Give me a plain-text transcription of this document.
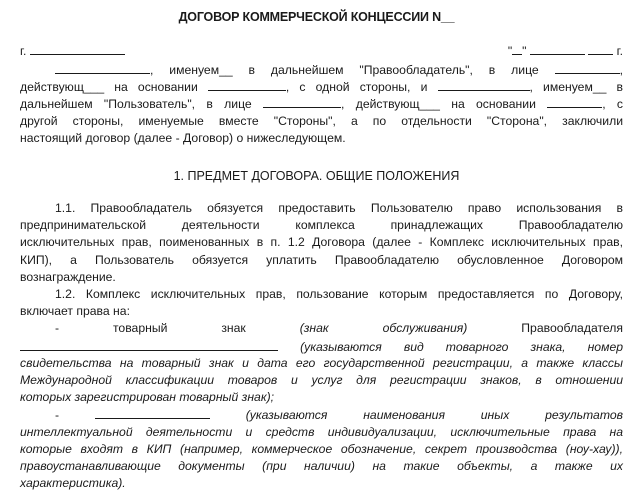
ДОГОВОР КОММЕРЧЕСКОЙ КОНЦЕССИИ N__
г.	" "	г.
, именуем__ в дальнейшем "Правообладатель", в лице	,
действующ___ на основании	, с одной стороны, и	, именуем__ в
дальнейшем "Пользователь", в лице	, действующ___ на основании	, с
другой стороны, именуемые вместе "Стороны", а по отдельности "Сторона", заключили
настоящий договор (далее - Договор) о нижеследующем.
1. ПРЕДМЕТ ДОГОВОРА. ОБЩИЕ ПОЛОЖЕНИЯ
1.1. Правообладатель обязуется предоставить Пользователю право использования в
предпринимательской деятельности комплекса принадлежащих Правообладателю
исключительных прав, поименованных в п. 1.2 Договора (далее - Комплекс исключительных прав,
КИП), а Пользователь обязуется уплатить Правообладателю обусловленное Договором
вознаграждение.
1.2. Комплекс исключительных прав, пользование которым предоставляется по Договору,
включает права на:
-	товарный	знак	(знак	обслуживания)	Правообладателя
(указываются вид товарного знака, номер
свидетельства на товарный знак и дата его государственной регистрации, а также классы
Международной классификации товаров и услуг для регистрации знаков, в отношении
которых зарегистрирован товарный знак);
-	(указываются наименования иных результатов
интеллектуальной деятельности и средств индивидуализации, исключительные права на
которые входят в КИП (например, коммерческое обозначение, секрет производства (ноу-хау)),
правоустанавливающие документы (при наличии) на такие объекты, а также их
характеристика).
